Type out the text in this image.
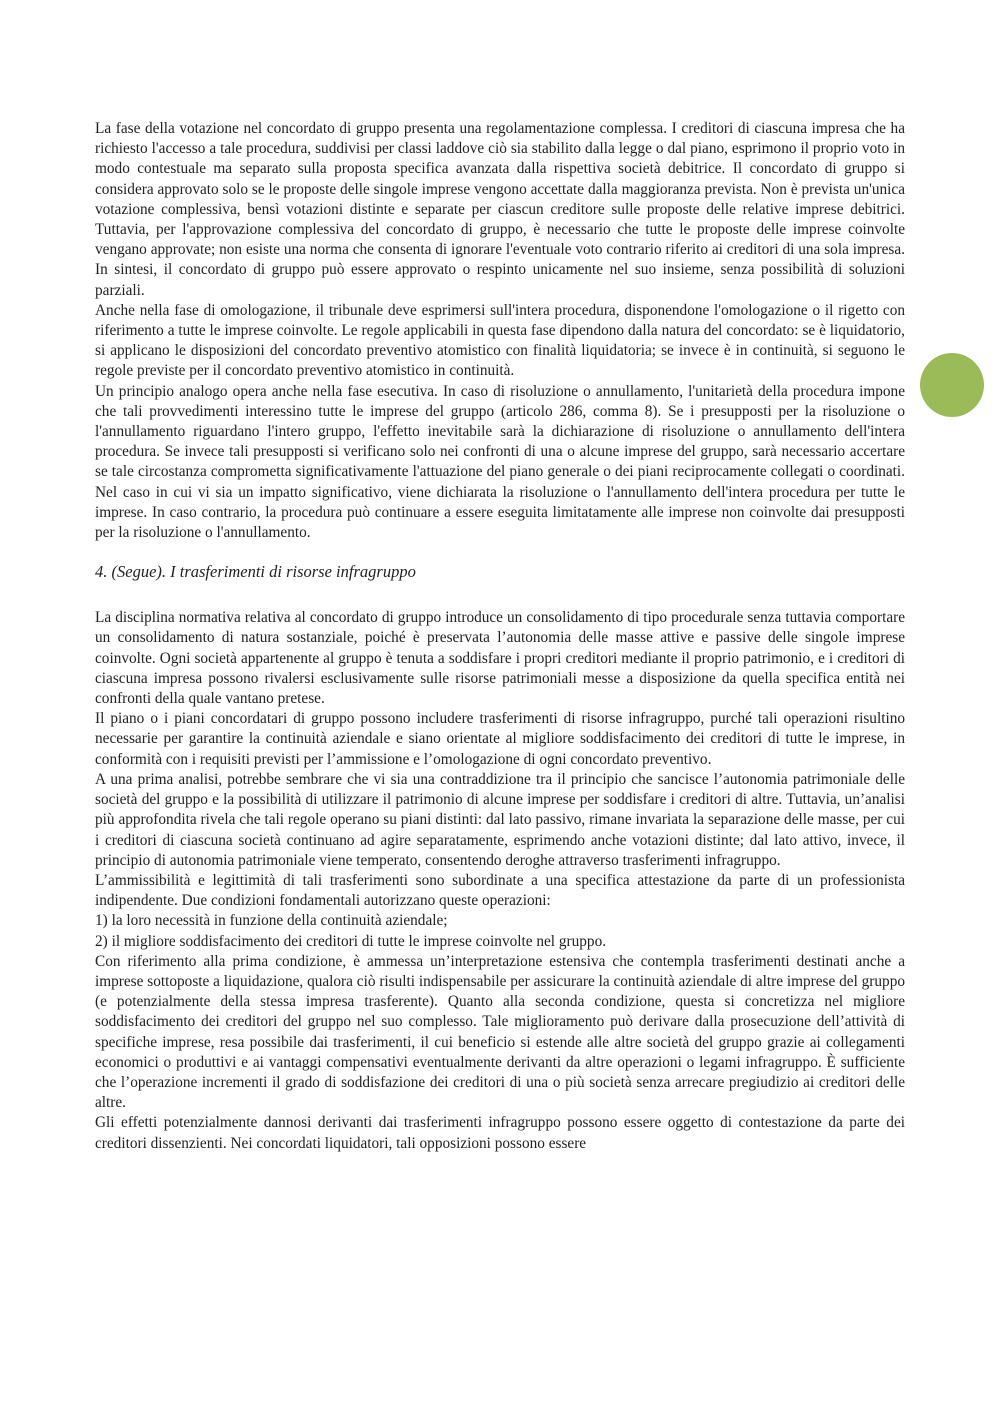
La fase della votazione nel concordato di gruppo presenta una regolamentazione complessa. I creditori di ciascuna impresa che ha richiesto l'accesso a tale procedura, suddivisi per classi laddove ciò sia stabilito dalla legge o dal piano, esprimono il proprio voto in modo contestuale ma separato sulla proposta specifica avanzata dalla rispettiva società debitrice. Il concordato di gruppo si considera approvato solo se le proposte delle singole imprese vengono accettate dalla maggioranza prevista. Non è prevista un'unica votazione complessiva, bensì votazioni distinte e separate per ciascun creditore sulle proposte delle relative imprese debitrici. Tuttavia, per l'approvazione complessiva del concordato di gruppo, è necessario che tutte le proposte delle imprese coinvolte vengano approvate; non esiste una norma che consenta di ignorare l'eventuale voto contrario riferito ai creditori di una sola impresa. In sintesi, il concordato di gruppo può essere approvato o respinto unicamente nel suo insieme, senza possibilità di soluzioni parziali.

Anche nella fase di omologazione, il tribunale deve esprimersi sull'intera procedura, disponendone l'omologazione o il rigetto con riferimento a tutte le imprese coinvolte. Le regole applicabili in questa fase dipendono dalla natura del concordato: se è liquidatorio, si applicano le disposizioni del concordato preventivo atomistico con finalità liquidatoria; se invece è in continuità, si seguono le regole previste per il concordato preventivo atomistico in continuità.

Un principio analogo opera anche nella fase esecutiva. In caso di risoluzione o annullamento, l'unitarietà della procedura impone che tali provvedimenti interessino tutte le imprese del gruppo (articolo 286, comma 8). Se i presupposti per la risoluzione o l'annullamento riguardano l'intero gruppo, l'effetto inevitabile sarà la dichiarazione di risoluzione o annullamento dell'intera procedura. Se invece tali presupposti si verificano solo nei confronti di una o alcune imprese del gruppo, sarà necessario accertare se tale circostanza comprometta significativamente l'attuazione del piano generale o dei piani reciprocamente collegati o coordinati. Nel caso in cui vi sia un impatto significativo, viene dichiarata la risoluzione o l'annullamento dell'intera procedura per tutte le imprese. In caso contrario, la procedura può continuare a essere eseguita limitatamente alle imprese non coinvolte dai presupposti per la risoluzione o l'annullamento.

4. (Segue). I trasferimenti di risorse infragruppo

La disciplina normativa relativa al concordato di gruppo introduce un consolidamento di tipo procedurale senza tuttavia comportare un consolidamento di natura sostanziale, poiché è preservata l’autonomia delle masse attive e passive delle singole imprese coinvolte. Ogni società appartenente al gruppo è tenuta a soddisfare i propri creditori mediante il proprio patrimonio, e i creditori di ciascuna impresa possono rivalersi esclusivamente sulle risorse patrimoniali messe a disposizione da quella specifica entità nei confronti della quale vantano pretese.

Il piano o i piani concordatari di gruppo possono includere trasferimenti di risorse infragruppo, purché tali operazioni risultino necessarie per garantire la continuità aziendale e siano orientate al migliore soddisfacimento dei creditori di tutte le imprese, in conformità con i requisiti previsti per l’ammissione e l’omologazione di ogni concordato preventivo.

A una prima analisi, potrebbe sembrare che vi sia una contraddizione tra il principio che sancisce l’autonomia patrimoniale delle società del gruppo e la possibilità di utilizzare il patrimonio di alcune imprese per soddisfare i creditori di altre. Tuttavia, un’analisi più approfondita rivela che tali regole operano su piani distinti: dal lato passivo, rimane invariata la separazione delle masse, per cui i creditori di ciascuna società continuano ad agire separatamente, esprimendo anche votazioni distinte; dal lato attivo, invece, il principio di autonomia patrimoniale viene temperato, consentendo deroghe attraverso trasferimenti infragruppo.

L’ammissibilità e legittimità di tali trasferimenti sono subordinate a una specifica attestazione da parte di un professionista indipendente. Due condizioni fondamentali autorizzano queste operazioni:

1) la loro necessità in funzione della continuità aziendale;

2) il migliore soddisfacimento dei creditori di tutte le imprese coinvolte nel gruppo.

Con riferimento alla prima condizione, è ammessa un’interpretazione estensiva che contempla trasferimenti destinati anche a imprese sottoposte a liquidazione, qualora ciò risulti indispensabile per assicurare la continuità aziendale di altre imprese del gruppo (e potenzialmente della stessa impresa trasferente). Quanto alla seconda condizione, questa si concretizza nel migliore soddisfacimento dei creditori del gruppo nel suo complesso. Tale miglioramento può derivare dalla prosecuzione dell’attività di specifiche imprese, resa possibile dai trasferimenti, il cui beneficio si estende alle altre società del gruppo grazie ai collegamenti economici o produttivi e ai vantaggi compensativi eventualmente derivanti da altre operazioni o legami infragruppo. È sufficiente che l’operazione incrementi il grado di soddisfazione dei creditori di una o più società senza arrecare pregiudizio ai creditori delle altre.

Gli effetti potenzialmente dannosi derivanti dai trasferimenti infragruppo possono essere oggetto di contestazione da parte dei creditori dissenzienti. Nei concordati liquidatori, tali opposizioni possono essere
